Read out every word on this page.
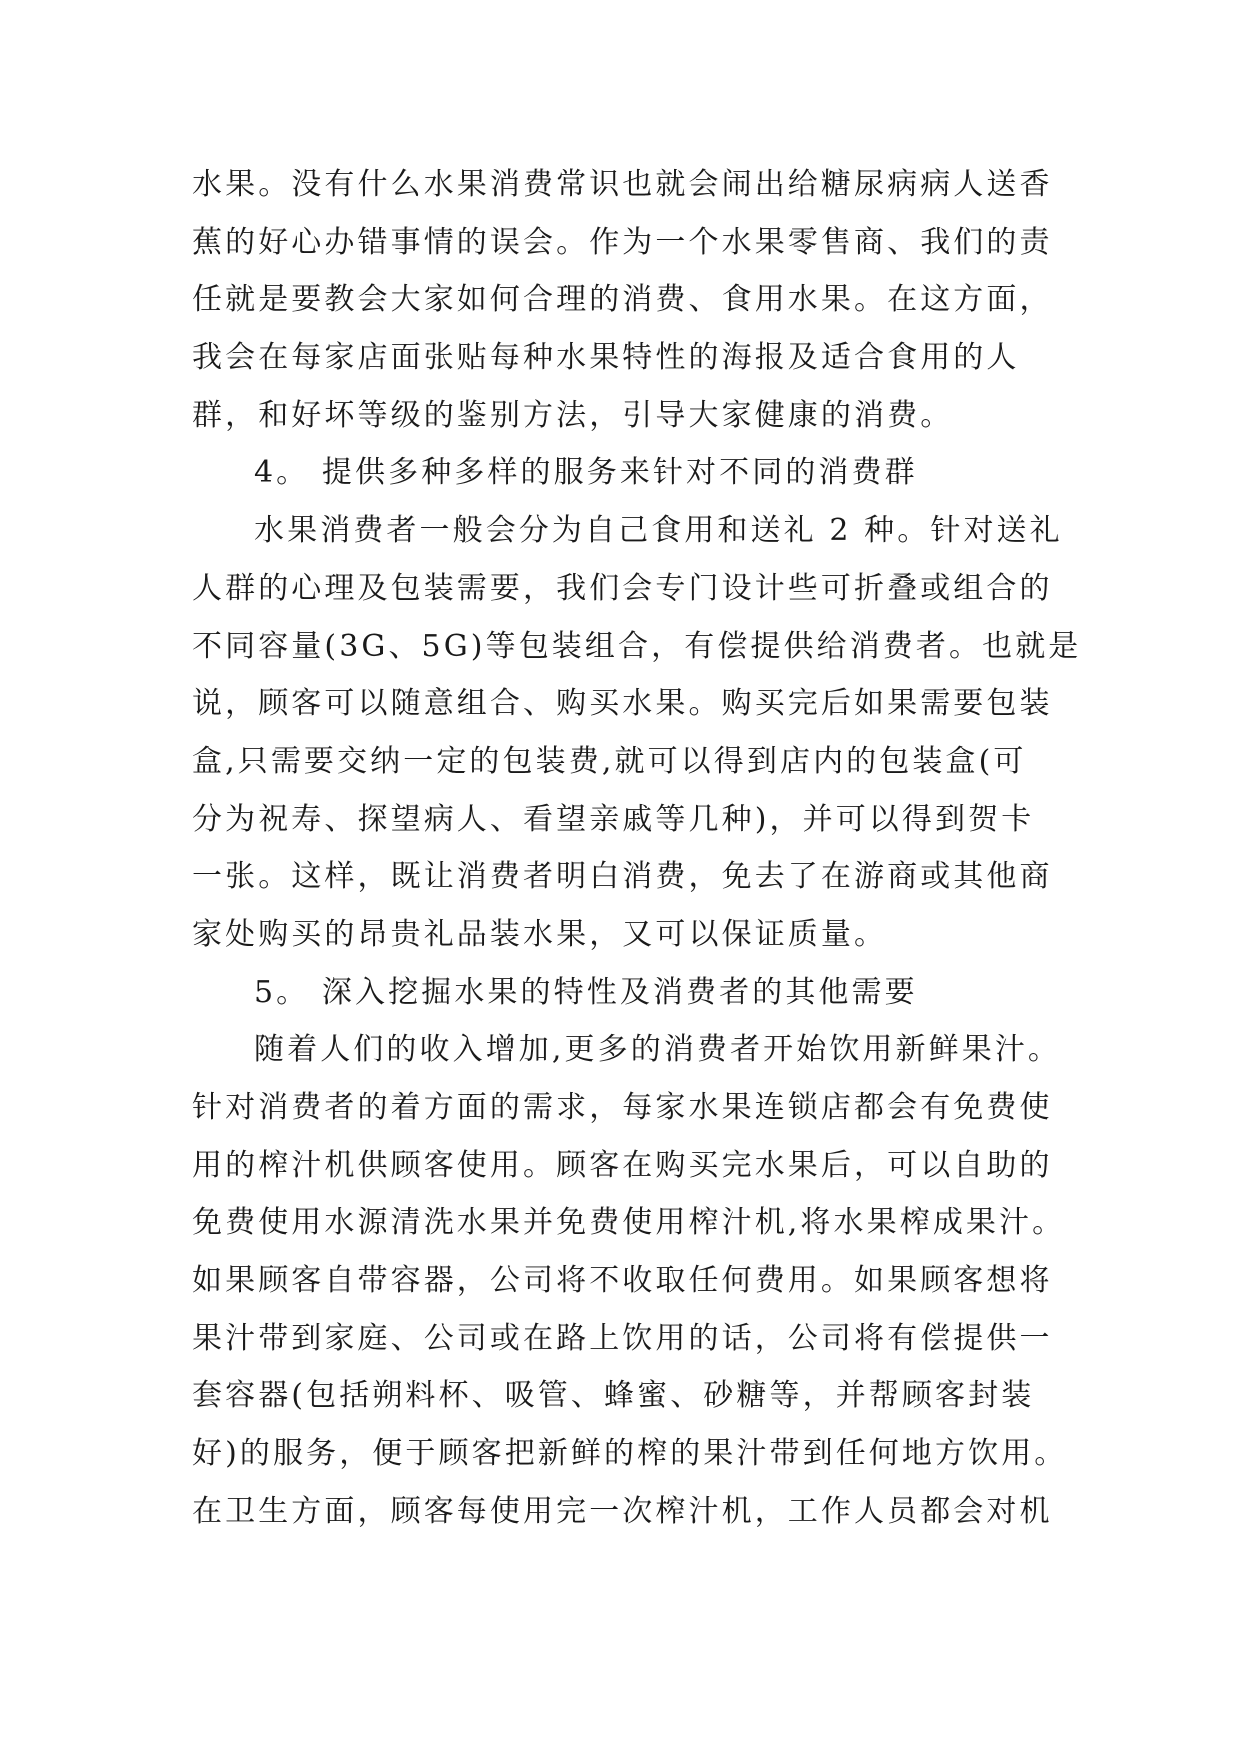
水果。没有什么水果消费常识也就会闹出给糖尿病病人送香
蕉的好心办错事情的误会。作为一个水果零售商、我们的责
任就是要教会大家如何合理的消费、食用水果。在这方面，
我会在每家店面张贴每种水果特性的海报及适合食用的人
群，和好坏等级的鉴别方法，引导大家健康的消费。
4。 提供多种多样的服务来针对不同的消费群
水果消费者一般会分为自己食用和送礼 2 种。针对送礼
人群的心理及包装需要，我们会专门设计些可折叠或组合的
不同容量(3G、5G)等包装组合，有偿提供给消费者。也就是
说，顾客可以随意组合、购买水果。购买完后如果需要包装
盒,只需要交纳一定的包装费,就可以得到店内的包装盒(可
分为祝寿、探望病人、看望亲戚等几种)，并可以得到贺卡
一张。这样，既让消费者明白消费，免去了在游商或其他商
家处购买的昂贵礼品装水果，又可以保证质量。
5。 深入挖掘水果的特性及消费者的其他需要
随着人们的收入增加,更多的消费者开始饮用新鲜果汁。
针对消费者的着方面的需求，每家水果连锁店都会有免费使
用的榨汁机供顾客使用。顾客在购买完水果后，可以自助的
免费使用水源清洗水果并免费使用榨汁机,将水果榨成果汁。
如果顾客自带容器，公司将不收取任何费用。如果顾客想将
果汁带到家庭、公司或在路上饮用的话，公司将有偿提供一
套容器(包括朔料杯、吸管、蜂蜜、砂糖等，并帮顾客封装
好)的服务，便于顾客把新鲜的榨的果汁带到任何地方饮用。
在卫生方面，顾客每使用完一次榨汁机，工作人员都会对机
